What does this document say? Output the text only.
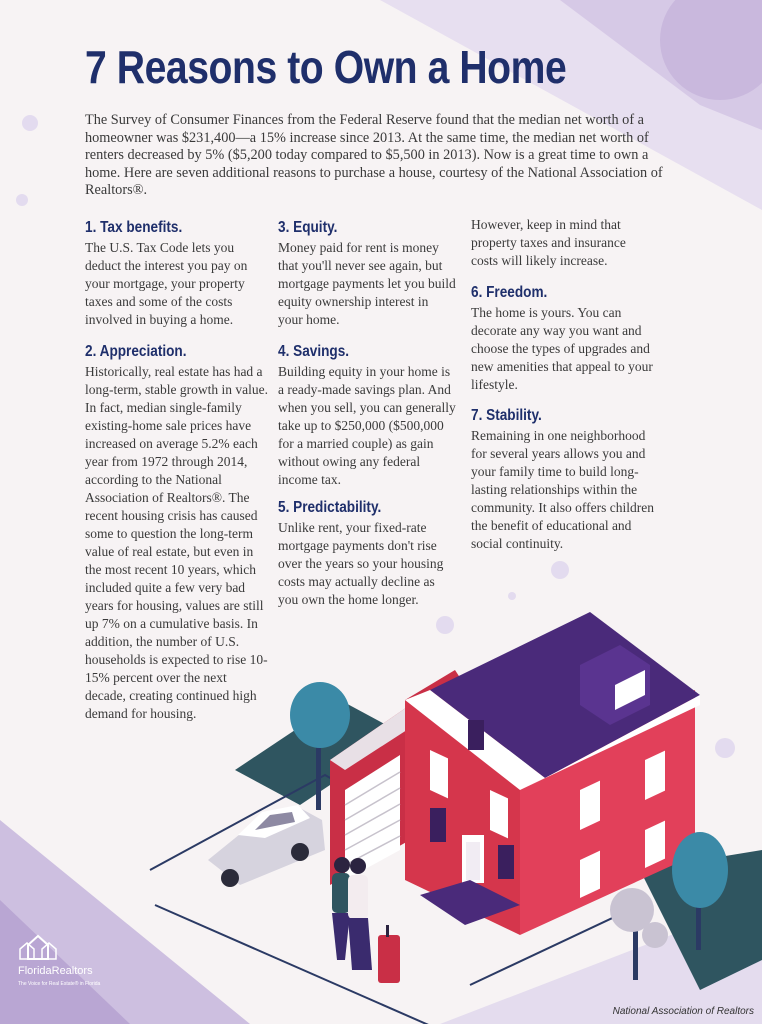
7 Reasons to Own a Home

The Survey of Consumer Finances from the Federal Reserve found that the median net worth of a homeowner was $231,400—a 15% increase since 2013. At the same time, the median net worth of renters decreased by 5% ($5,200 today compared to $5,500 in 2013). Now is a great time to own a home. Here are seven additional reasons to purchase a house, courtesy of the National Association of Realtors®.

1. Tax benefits.

The U.S. Tax Code lets you deduct the interest you pay on your mortgage, your property taxes and some of the costs involved in buying a home.

2. Appreciation.

Historically, real estate has had a long-term, stable growth in value. In fact, median single-family existing-home sale prices have increased on average 5.2% each year from 1972 through 2014, according to the National Association of Realtors®. The recent housing crisis has caused some to question the long-term value of real estate, but even in the most recent 10 years, which included quite a few very bad years for housing, values are still up 7% on a cumulative basis. In addition, the number of U.S. households is expected to rise 10-15% percent over the next decade, creating continued high demand for housing.

3. Equity.

Money paid for rent is money that you'll never see again, but mortgage payments let you build equity ownership interest in your home.

4. Savings.

Building equity in your home is a ready-made savings plan. And when you sell, you can generally take up to $250,000 ($500,000 for a married couple) as gain without owing any federal income tax.

5. Predictability.

Unlike rent, your fixed-rate mortgage payments don't rise over the years so your housing costs may actually decline as you own the home longer.

However, keep in mind that property taxes and insurance costs will likely increase.

6. Freedom.

The home is yours. You can decorate any way you want and choose the types of upgrades and new amenities that appeal to your lifestyle.

7. Stability.

Remaining in one neighborhood for several years allows you and your family time to build long-lasting relationships within the community. It also offers children the benefit of educational and social continuity.

FloridaRealtors
The Voice for Real Estate® in Florida
National Association of Realtors
